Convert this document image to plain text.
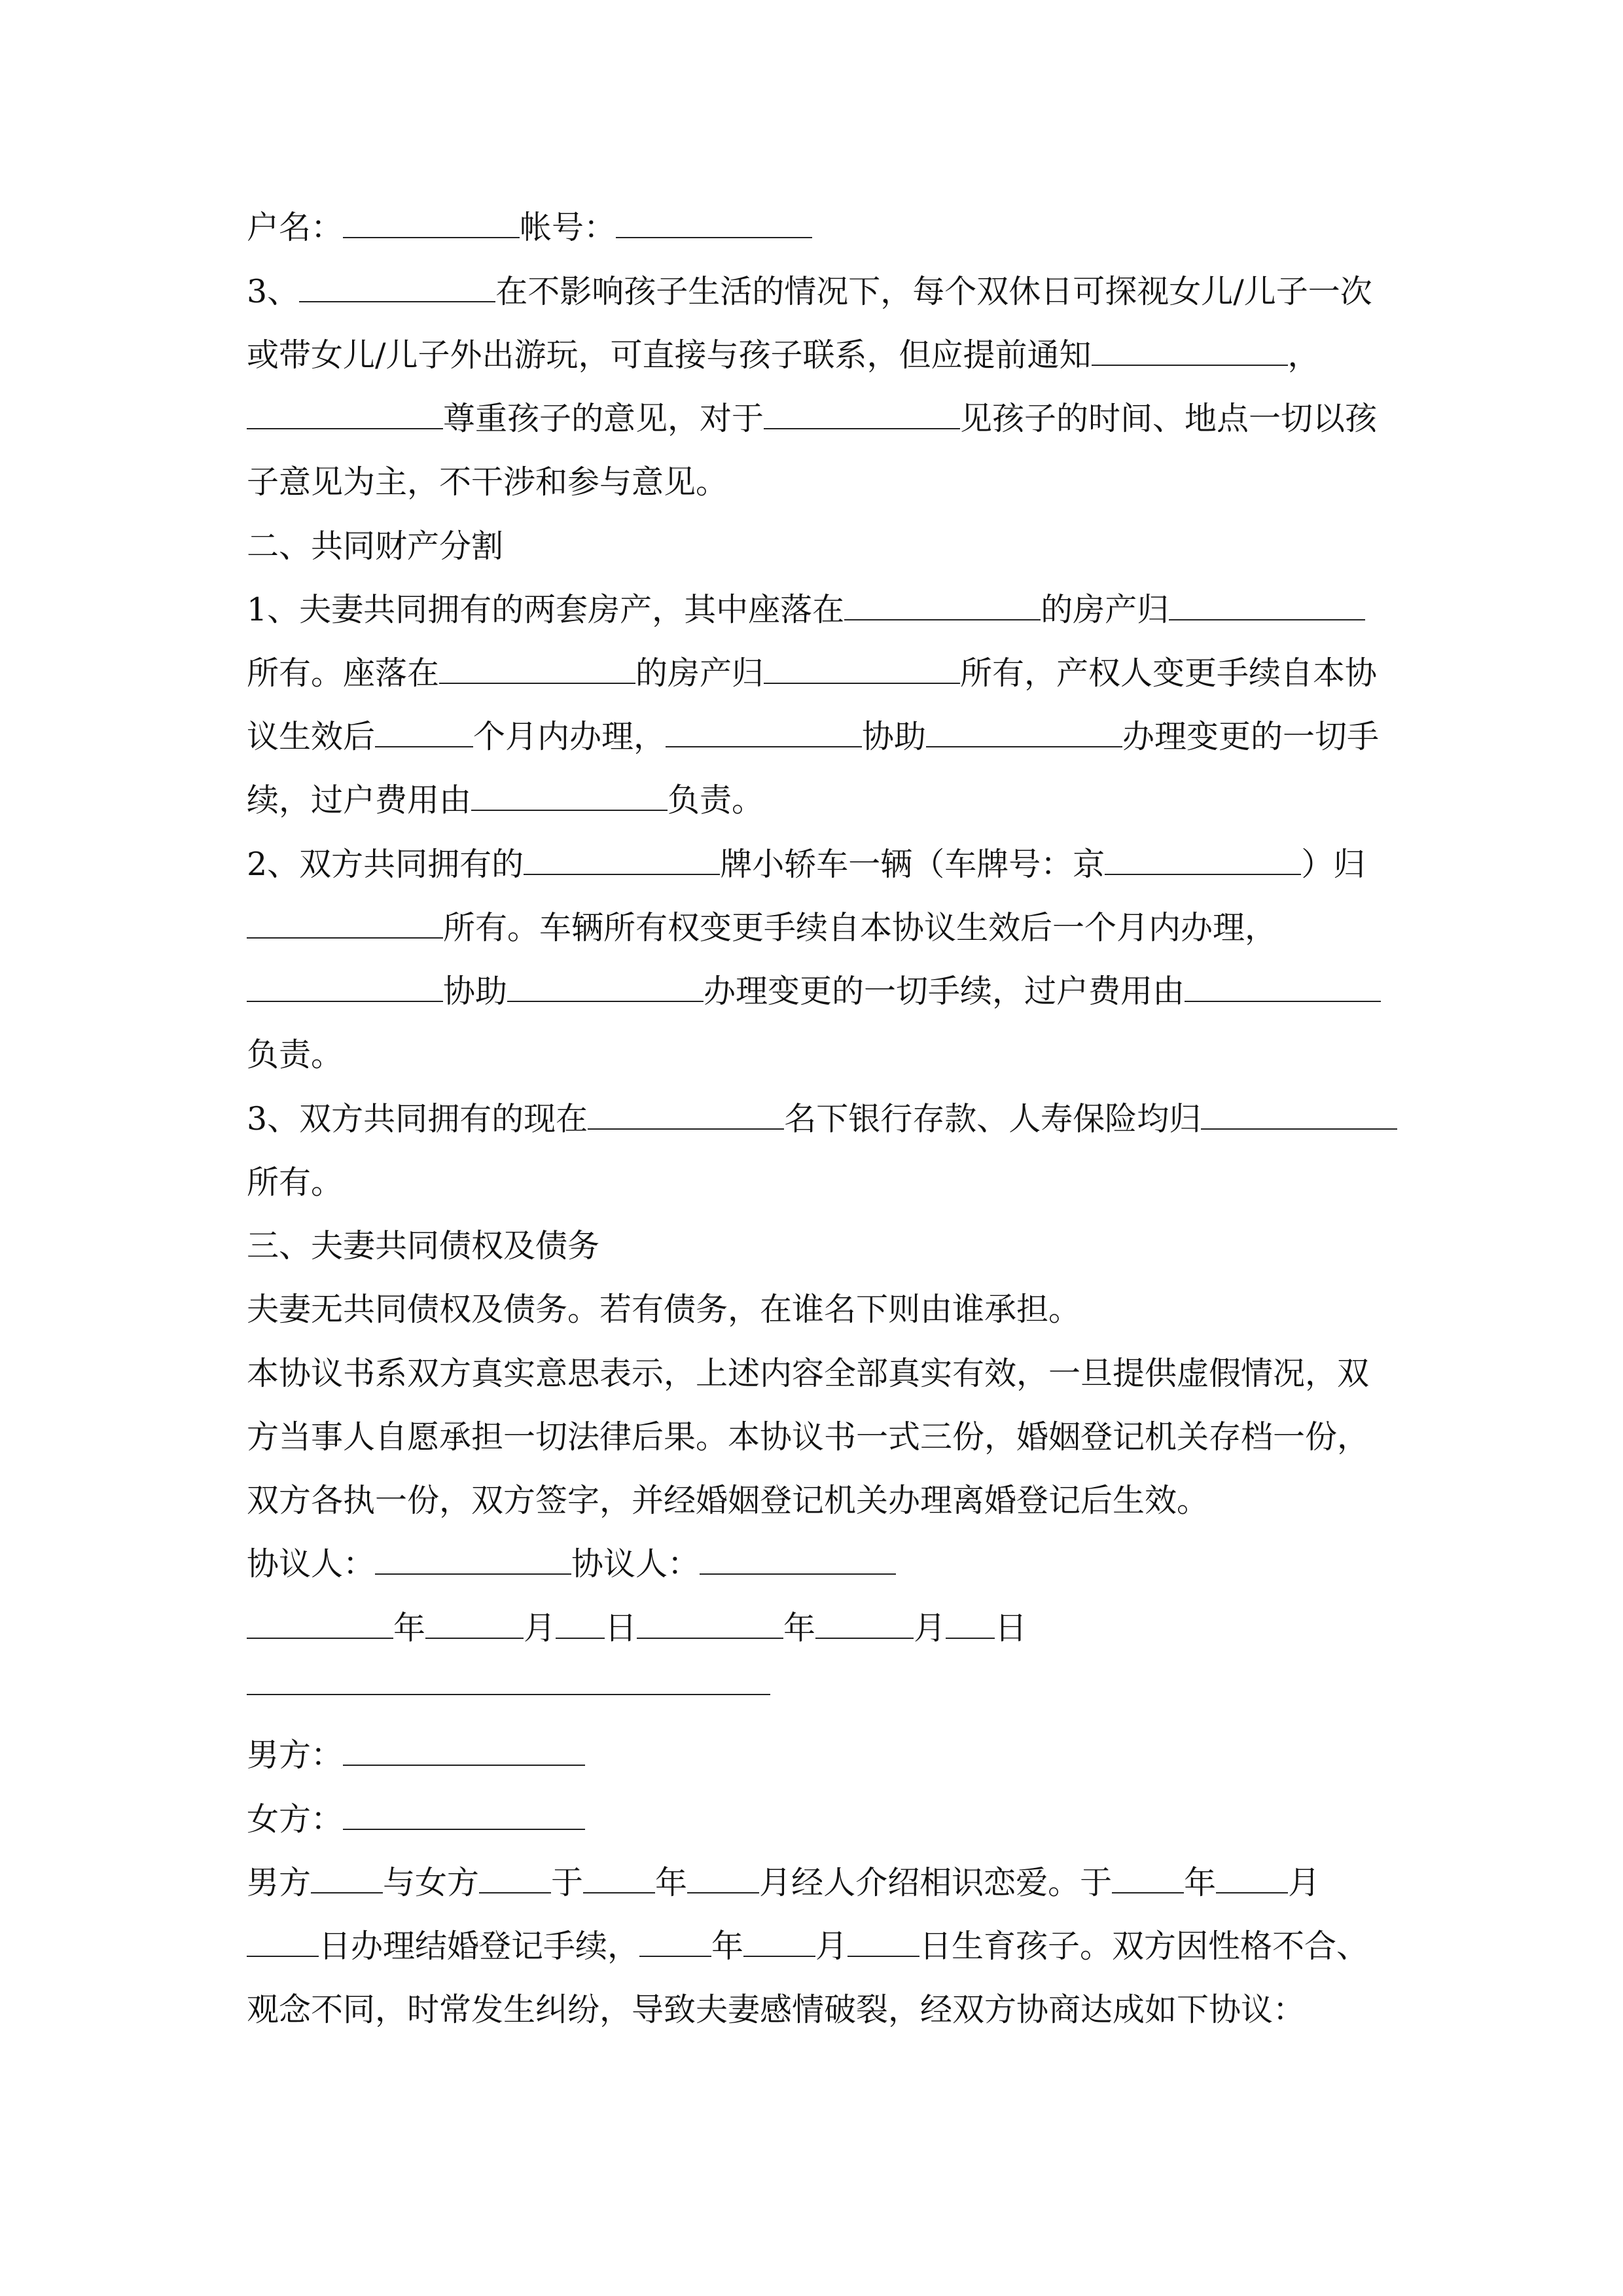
户名：	帐号：
3、	在不影响孩子生活的情况下，每个双休日可探视女儿/儿子一次
或带女儿/儿子外出游玩，可直接与孩子联系，但应提前通知	，
尊重孩子的意见，对于	见孩子的时间、地点一切以孩
子意见为主，不干涉和参与意见。
二、共同财产分割
1、夫妻共同拥有的两套房产，其中座落在	的房产归
所有。座落在	的房产归	所有，产权人变更手续自本协
议生效后	个月内办理，	协助	办理变更的一切手
续，过户费用由	负责。
2、双方共同拥有的	牌小轿车一辆（车牌号：京	）归
所有。车辆所有权变更手续自本协议生效后一个月内办理，
协助	办理变更的一切手续，过户费用由
负责。
3、双方共同拥有的现在	名下银行存款、人寿保险均归
所有。
三、夫妻共同债权及债务
夫妻无共同债权及债务。若有债务，在谁名下则由谁承担。
本协议书系双方真实意思表示，上述内容全部真实有效，一旦提供虚假情况，双
方当事人自愿承担一切法律后果。本协议书一式三份，婚姻登记机关存档一份，
双方各执一份，双方签字，并经婚姻登记机关办理离婚登记后生效。
协议人：	协议人：
年	月 日	年	月 日
男方：
女方：
男方 与女方 于 年 月经人介绍相识恋爱。于 年 月
日办理结婚登记手续， 年 月 日生育孩子。双方因性格不合、
观念不同，时常发生纠纷，导致夫妻感情破裂，经双方协商达成如下协议：
